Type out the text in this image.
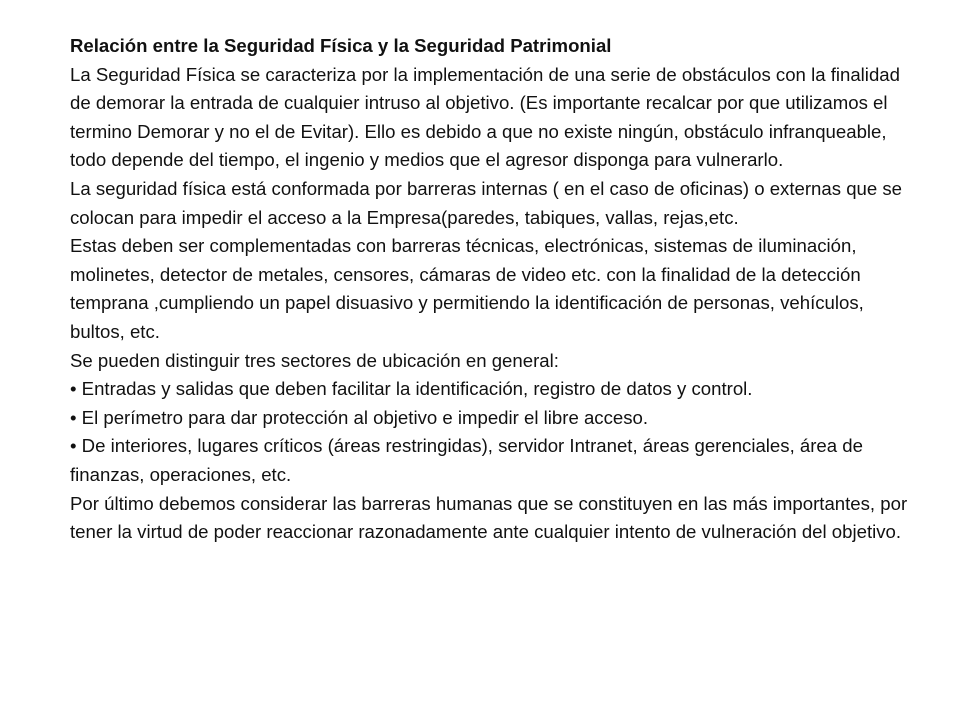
Relación entre la Seguridad Física y la Seguridad Patrimonial

La Seguridad Física se caracteriza por la implementación de una serie de obstáculos con la finalidad de demorar la entrada de cualquier intruso al objetivo. (Es importante recalcar por que utilizamos el termino Demorar y no el de Evitar). Ello es debido a que no existe ningún, obstáculo infranqueable, todo depende del tiempo, el ingenio y medios que el agresor disponga para vulnerarlo.

La seguridad física está conformada por barreras internas ( en el caso de oficinas) o externas que se colocan para impedir el acceso a la Empresa(paredes, tabiques, vallas, rejas,etc.

Estas deben ser complementadas con barreras técnicas, electrónicas, sistemas de iluminación, molinetes, detector de metales, censores, cámaras de video etc. con la finalidad de la detección temprana ,cumpliendo un papel disuasivo y permitiendo la identificación de personas, vehículos, bultos, etc.

Se pueden distinguir tres sectores de ubicación en general:

• Entradas y salidas que deben facilitar la identificación, registro de datos y control.

• El perímetro para dar protección al objetivo e impedir el libre acceso.

• De interiores, lugares críticos (áreas restringidas), servidor Intranet, áreas gerenciales, área de finanzas, operaciones, etc.

Por último debemos considerar las barreras humanas que se constituyen en las más importantes, por tener la virtud de poder reaccionar razonadamente ante cualquier intento de vulneración del objetivo.
